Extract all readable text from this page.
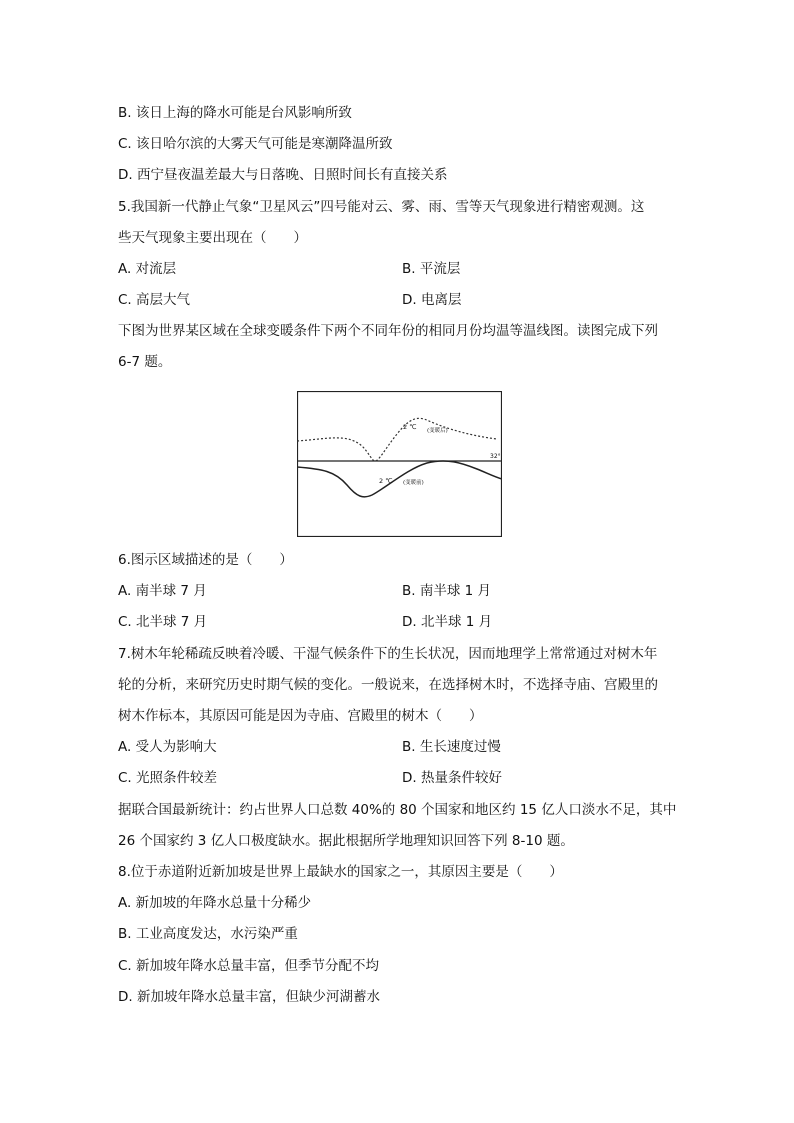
B. 该日上海的降水可能是台风影响所致
C. 该日哈尔滨的大雾天气可能是寒潮降温所致
D. 西宁昼夜温差最大与日落晚、日照时间长有直接关系
5.我国新一代静止气象“卫星风云”四号能对云、雾、雨、雪等天气现象进行精密观测。这
些天气现象主要出现在（　　）
A. 对流层	B. 平流层
C. 高层大气	D. 电离层
下图为世界某区域在全球变暖条件下两个不同年份的相同月份均温等温线图。读图完成下列
6-7 题。
2 ℃ (变暖后)
2 ℃ (变暖前)
32°
6.图示区域描述的是（　　）
A. 南半球 7 月	B. 南半球 1 月
C. 北半球 7 月	D. 北半球 1 月
7.树木年轮稀疏反映着冷暖、干湿气候条件下的生长状况，因而地理学上常常通过对树木年
轮的分析，来研究历史时期气候的变化。一般说来，在选择树木时，不选择寺庙、宫殿里的
树木作标本，其原因可能是因为寺庙、宫殿里的树木（　　）
A. 受人为影响大	B. 生长速度过慢
C. 光照条件较差	D. 热量条件较好
据联合国最新统计：约占世界人口总数 40%的 80 个国家和地区约 15 亿人口淡水不足，其中
26 个国家约 3 亿人口极度缺水。据此根据所学地理知识回答下列 8-10 题。
8.位于赤道附近新加坡是世界上最缺水的国家之一，其原因主要是（　　）
A. 新加坡的年降水总量十分稀少
B. 工业高度发达，水污染严重
C. 新加坡年降水总量丰富，但季节分配不均
D. 新加坡年降水总量丰富，但缺少河湖蓄水
